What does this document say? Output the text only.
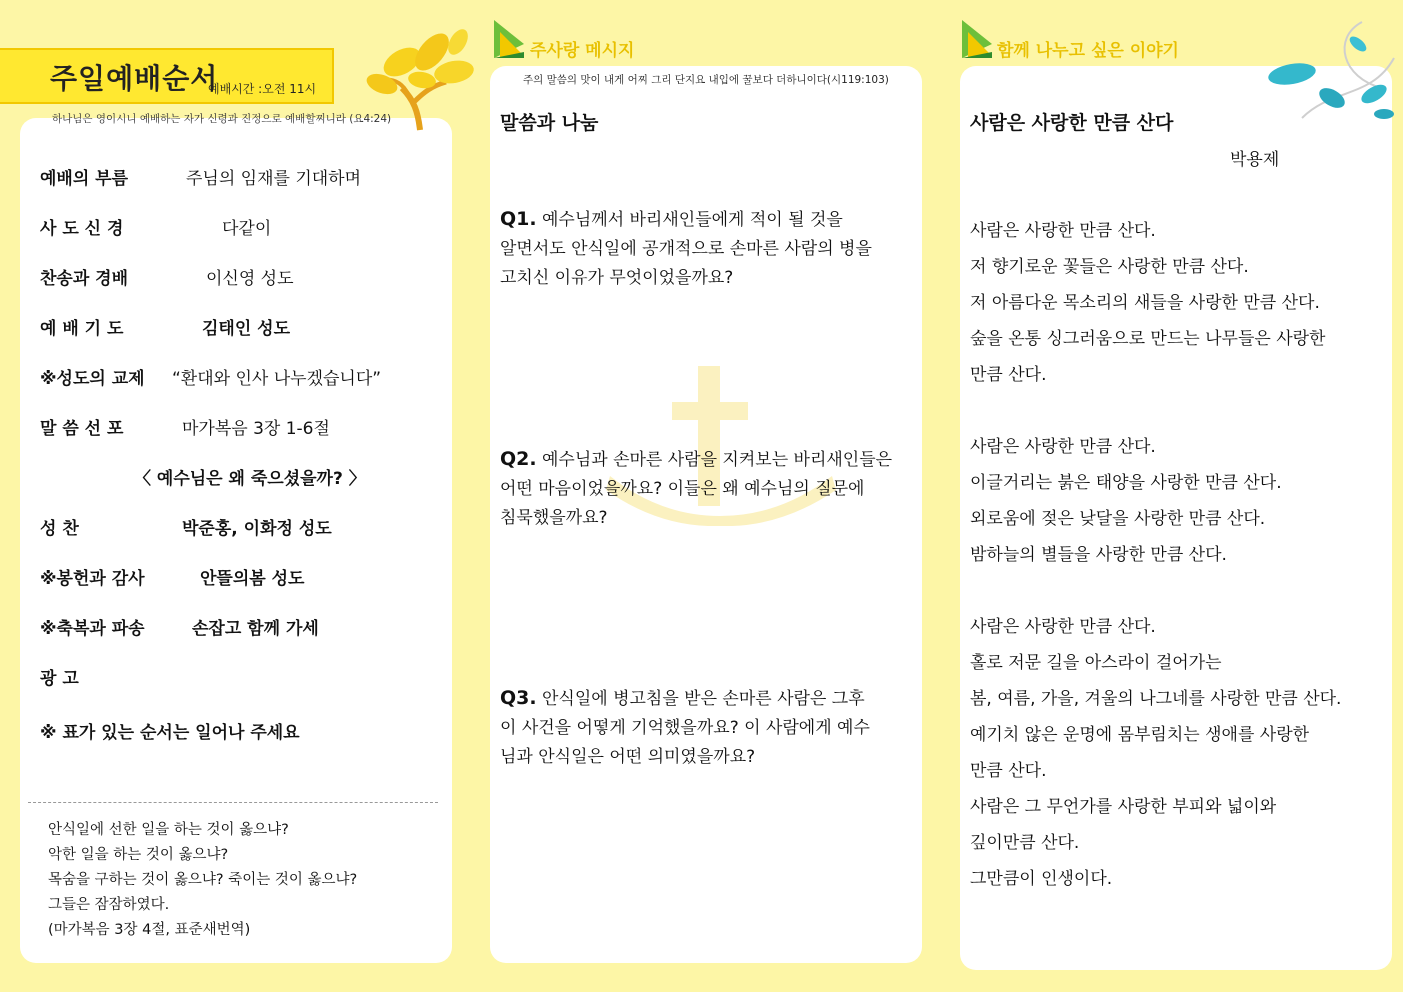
주일예배순서
예배시간 :오전 11시
하나님은 영이시니 예배하는 자가 신령과 진정으로 예배할찌니라 (요4:24)
예배의 부름	주님의 임재를 기대하며
사 도 신 경	다같이
찬송과 경배	이신영 성도
예 배 기 도	김태인 성도
※성도의 교제 “환대와 인사 나누겠습니다”
말 씀 선 포	마가복음 3장 1-6절
〈 예수님은 왜 죽으셨을까? 〉
성 찬	박준홍, 이화정 성도
※봉헌과 감사	안뜰의봄 성도
※축복과 파송	손잡고 함께 가세
광 고
※ 표가 있는 순서는 일어나 주세요
안식일에 선한 일을 하는 것이 옳으냐?
악한 일을 하는 것이 옳으냐?
목숨을 구하는 것이 옳으냐? 죽이는 것이 옳으냐?
그들은 잠잠하였다.
(마가복음 3장 4절, 표준새번역)
주사랑 메시지
주의 말씀의 맛이 내게 어찌 그리 단지요 내입에 꿀보다 더하니이다(시119:103)
말씀과 나눔
Q1. 예수님께서 바리새인들에게 적이 될 것을
알면서도 안식일에 공개적으로 손마른 사람의 병을
고치신 이유가 무엇이었을까요?
Q2. 예수님과 손마른 사람을 지켜보는 바리새인들은
어떤 마음이었을까요? 이들은 왜 예수님의 질문에
침묵했을까요?
Q3. 안식일에 병고침을 받은 손마른 사람은 그후
이 사건을 어떻게 기억했을까요? 이 사람에게 예수
님과 안식일은 어떤 의미였을까요?
함께 나누고 싶은 이야기
사람은 사랑한 만큼 산다
박용제
사람은 사랑한 만큼 산다.
저 향기로운 꽃들은 사랑한 만큼 산다.
저 아름다운 목소리의 새들을 사랑한 만큼 산다.
숲을 온통 싱그러움으로 만드는 나무들은 사랑한
만큼 산다.
사람은 사랑한 만큼 산다.
이글거리는 붉은 태양을 사랑한 만큼 산다.
외로움에 젖은 낮달을 사랑한 만큼 산다.
밤하늘의 별들을 사랑한 만큼 산다.
사람은 사랑한 만큼 산다.
홀로 저문 길을 아스라이 걸어가는
봄, 여름, 가을, 겨울의 나그네를 사랑한 만큼 산다.
예기치 않은 운명에 몸부림치는 생애를 사랑한
만큼 산다.
사람은 그 무언가를 사랑한 부피와 넓이와
깊이만큼 산다.
그만큼이 인생이다.
